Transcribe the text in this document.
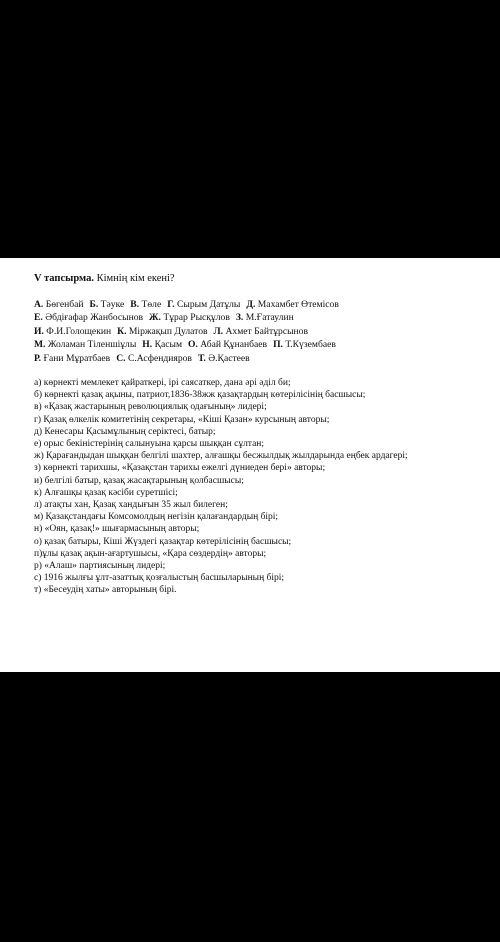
V тапсырма. Кімнің кім екені?
А. Бөгенбай Б. Тәуке В. Төле Г. Сырым Датұлы Д. Махамбет Өтемісов
Е. Әбдіғафар Жанбосынов Ж. Тұрар Рысқұлов З. М.Ғатаулин
И. Ф.И.Голощекин К. Міржақып Дулатов Л. Ахмет Байтұрсынов
М. Жоламан Тіленшіұлы Н. Қасым О. Абай Құнанбаев П. Т.Күзембаев
Р. Ғани Мұратбаев С. С.Асфендияров Т. Ә.Қастеев
а) көрнекті мемлекет қайраткері, ірі саясаткер, дана әрі әділ би;
б) көрнекті қазақ ақыны, патриот,1836-38жж қазақтардың көтерілісінің басшысы;
в) «Қазақ жастарының революциялық одағының» лидері;
г) Қазақ өлкелік комитетінің секретары, «Кіші Қазан» курсының авторы;
д) Кенесары Қасымұлының серіктесі, батыр;
е) орыс бекіністерінің салынуына қарсы шыққан сұлтан;
ж) Қарағандыдан шыққан белгілі шахтер, алғашқы бесжылдық жылдарында еңбек ардагері;
з) көрнекті тарихшы, «Қазақстан тарихы ежелгі дүниеден бері» авторы;
и) белгілі батыр, қазақ жасақтарының қолбасшысы;
к) Алғашқы қазақ кәсіби суретшісі;
л) атақты хан, Қазақ хандығын 35 жыл билеген;
м) Қазақстандағы Комсомолдың негізін қалағандардың бірі;
н) «Оян, қазақ!» шығармасының авторы;
о) қазақ батыры, Кіші Жүздегі қазақтар көтерілісінің басшысы;
п)ұлы қазақ ақын-ағартушысы, «Қара сөздердің» авторы;
р) «Алаш» партиясының лидері;
с) 1916 жылғы ұлт-азаттық қозғалыстың басшыларының бірі;
т) «Бесеудің хаты» авторының бірі.
